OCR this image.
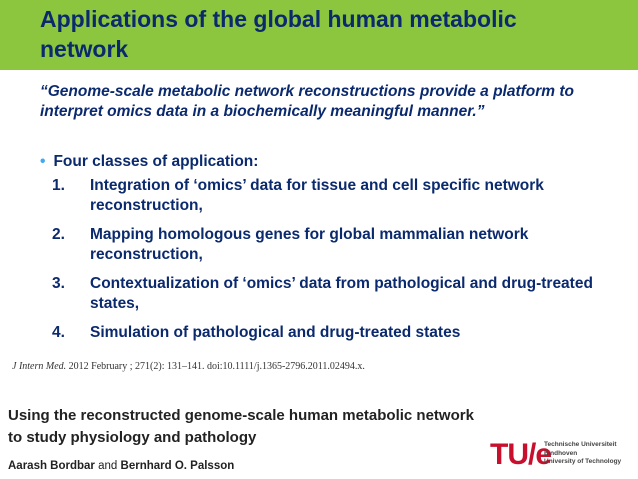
Applications of the global human metabolic network
“Genome-scale metabolic network reconstructions provide a platform to interpret omics data in a biochemically meaningful manner.”
• Four classes of application:
1.	Integration of ‘omics’ data for tissue and cell specific network reconstruction,
2.	Mapping homologous genes for global mammalian network reconstruction,
3.	Contextualization of ‘omics’ data from pathological and drug-treated states,
4.	Simulation of pathological and drug-treated states
J Intern Med. 2012 February ; 271(2): 131–141. doi:10.1111/j.1365-2796.2011.02494.x.
Using the reconstructed genome-scale human metabolic network to study physiology and pathology
Aarash Bordbar and Bernhard O. Palsson	TU/e
Technische Universiteit
Eindhoven
University of Technology
